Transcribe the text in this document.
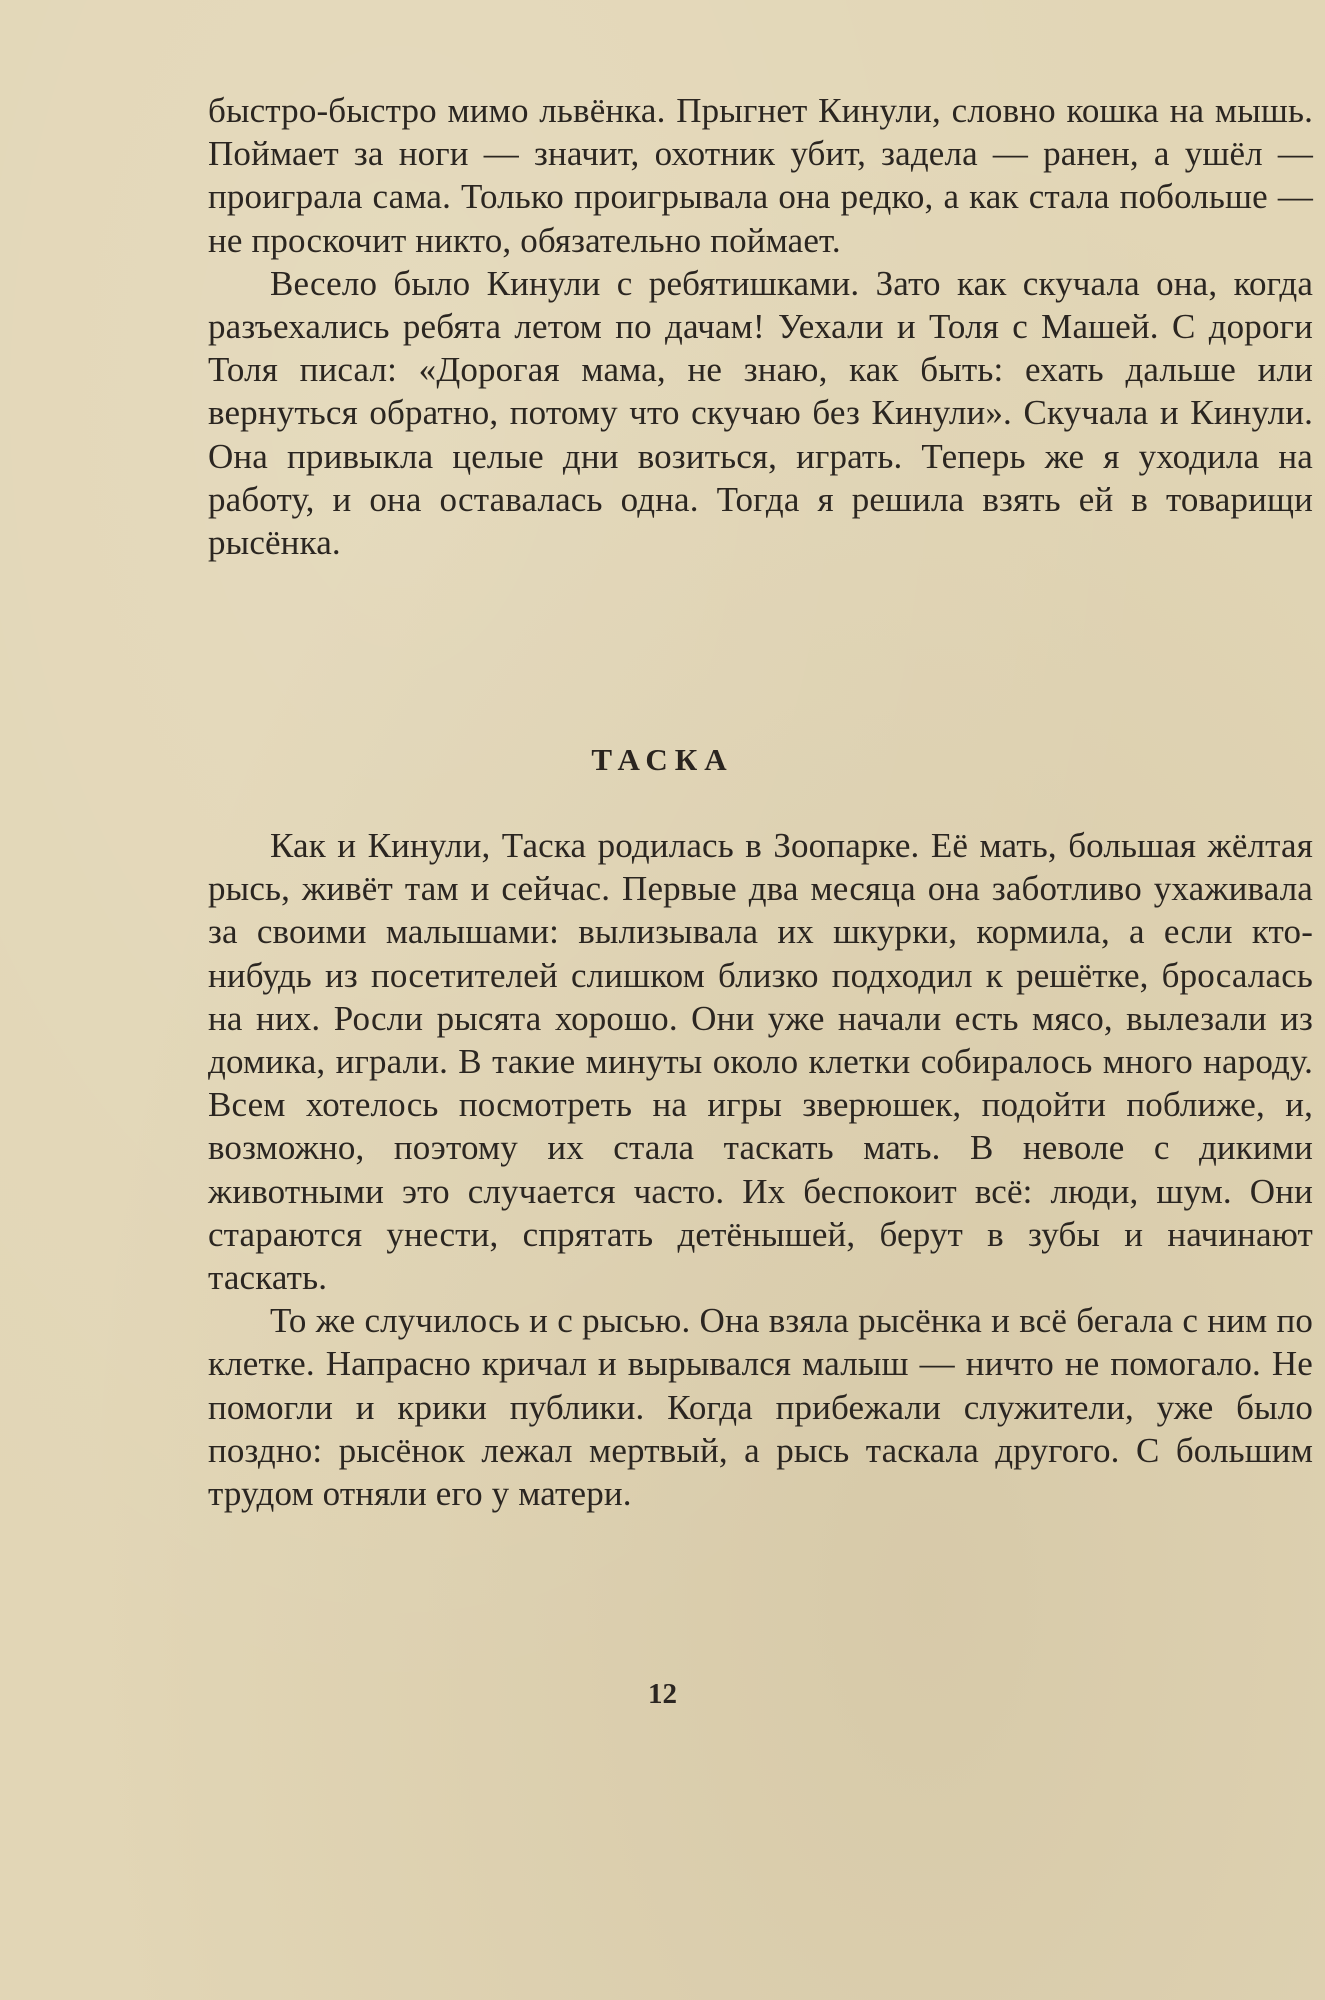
быстро-быстро мимо львёнка. Прыгнет Кинули, словно кошка на мышь. Поймает за ноги — значит, охотник убит, задела — ранен, а ушёл — проиграла сама. Только проигрывала она редко, а как стала побольше — не проскочит никто, обязательно поймает.

Весело было Кинули с ребятишками. Зато как скучала она, когда разъехались ребята летом по дачам! Уехали и Толя с Машей. С дороги Толя писал: «Дорогая мама, не знаю, как быть: ехать дальше или вернуться обратно, потому что скучаю без Кинули». Скучала и Кинули. Она привыкла целые дни возиться, играть. Теперь же я уходила на работу, и она оставалась одна. Тогда я решила взять ей в товарищи рысёнка.

ТАСКА

Как и Кинули, Таска родилась в Зоопарке. Её мать, большая жёлтая рысь, живёт там и сейчас. Первые два месяца она заботливо ухаживала за своими малышами: вылизывала их шкурки, кормила, а если кто-нибудь из посетителей слишком близко подходил к решётке, бросалась на них. Росли рысята хорошо. Они уже начали есть мясо, вылезали из домика, играли. В такие минуты около клетки собиралось много народу. Всем хотелось посмотреть на игры зверюшек, подойти поближе, и, возможно, поэтому их стала таскать мать. В неволе с дикими животными это случается часто. Их беспокоит всё: люди, шум. Они стараются унести, спрятать детёнышей, берут в зубы и начинают таскать.

То же случилось и с рысью. Она взяла рысёнка и всё бегала с ним по клетке. Напрасно кричал и вырывался малыш — ничто не помогало. Не помогли и крики публики. Когда прибежали служители, уже было поздно: рысёнок лежал мертвый, а рысь таскала другого. С большим трудом отняли его у матери.

12
